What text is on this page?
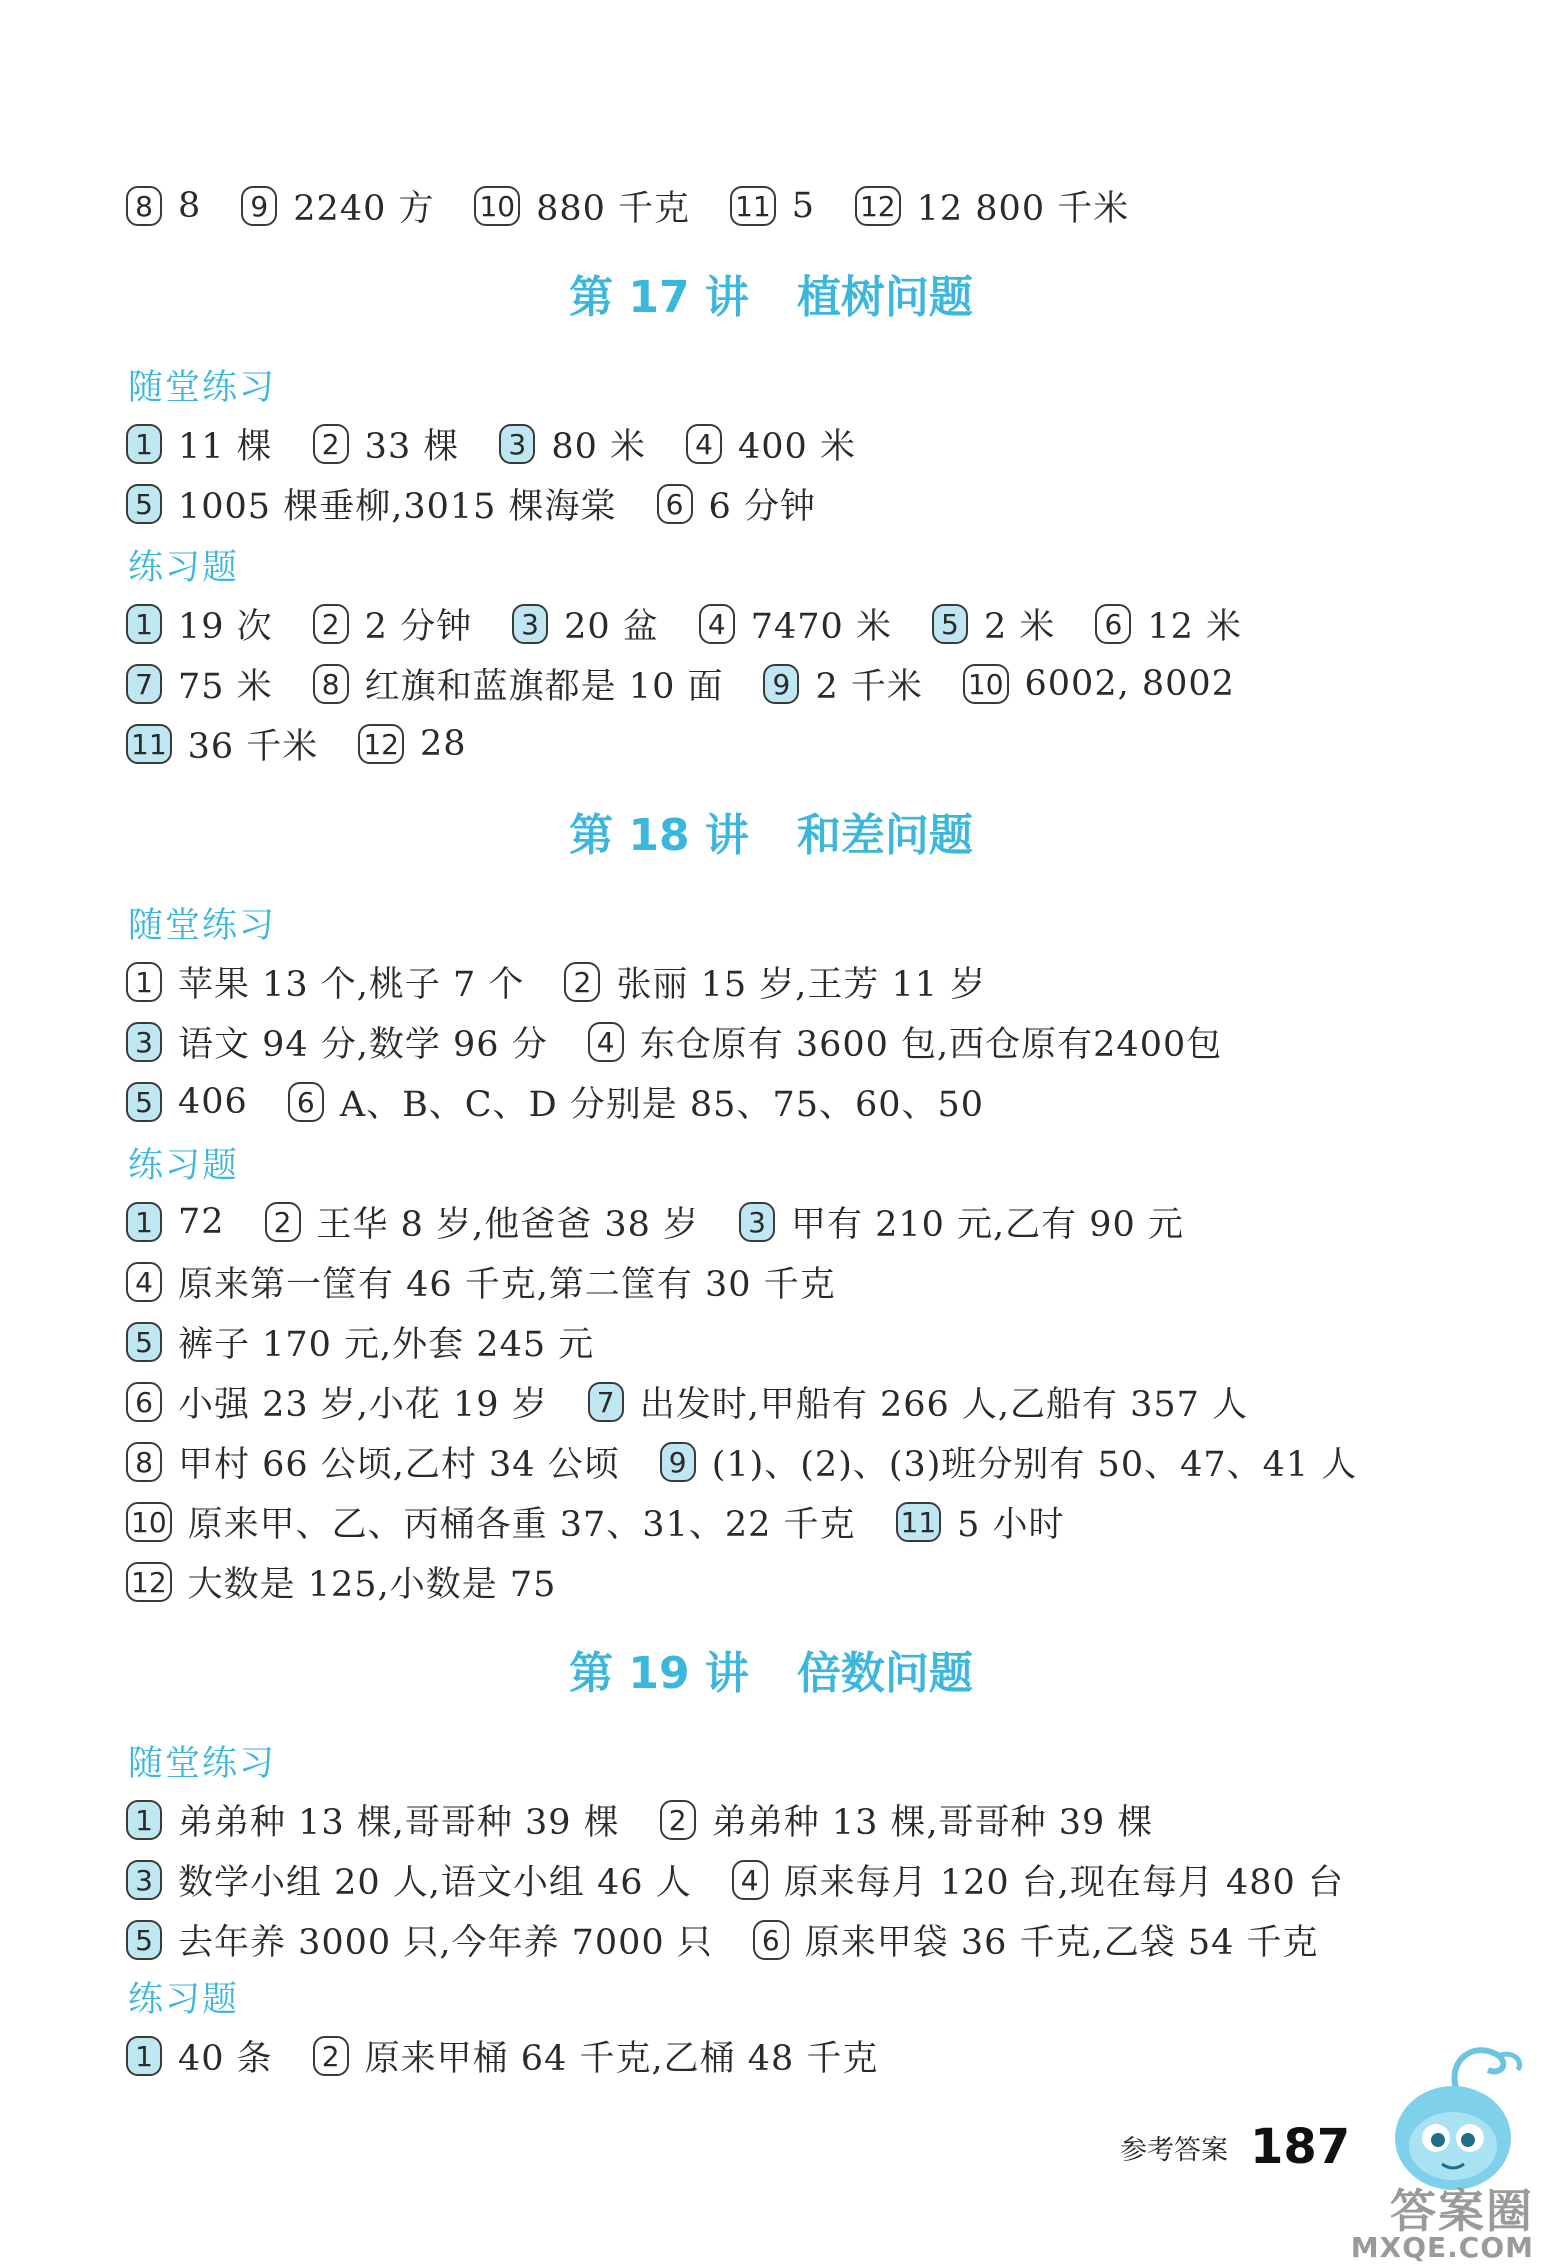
8 8	9 2240 方 10 880 千克 11 5 12 12 800 千米
第 17 讲 植树问题
随堂练习
1 11 棵	2 33 棵	3 80 米	4 400 米
5 1005 棵垂柳,3015 棵海棠	6 6 分钟
练习题
1 19 次	2 2 分钟	3 20 盆	4 7470 米	5 2 米	6 12 米
7 75 米	8 红旗和蓝旗都是 10 面	9 2 千米 10 6002, 8002
11 36 千米 12 28
第 18 讲 和差问题
随堂练习
1 苹果 13 个,桃子 7 个	2 张丽 15 岁,王芳 11 岁
3 语文 94 分,数学 96 分	4 东仓原有 3600 包,西仓原有2400包
5 406	6 A、B、C、D 分别是 85、75、60、50
练习题
1 72	2 王华 8 岁,他爸爸 38 岁	3 甲有 210 元,乙有 90 元
4 原来第一筐有 46 千克,第二筐有 30 千克
5 裤子 170 元,外套 245 元
6 小强 23 岁,小花 19 岁	7 出发时,甲船有 266 人,乙船有 357 人
8 甲村 66 公顷,乙村 34 公顷	9 (1)、(2)、(3)班分别有 50、47、41 人
10 原来甲、乙、丙桶各重 37、31、22 千克 11 5 小时
12 大数是 125,小数是 75
第 19 讲 倍数问题
随堂练习
1 弟弟种 13 棵,哥哥种 39 棵	2 弟弟种 13 棵,哥哥种 39 棵
3 数学小组 20 人,语文小组 46 人	4 原来每月 120 台,现在每月 480 台
5 去年养 3000 只,今年养 7000 只	6 原来甲袋 36 千克,乙袋 54 千克
练习题
1 40 条	2 原来甲桶 64 千克,乙桶 48 千克
参考答案 187
答案圈
MXQE.COM
